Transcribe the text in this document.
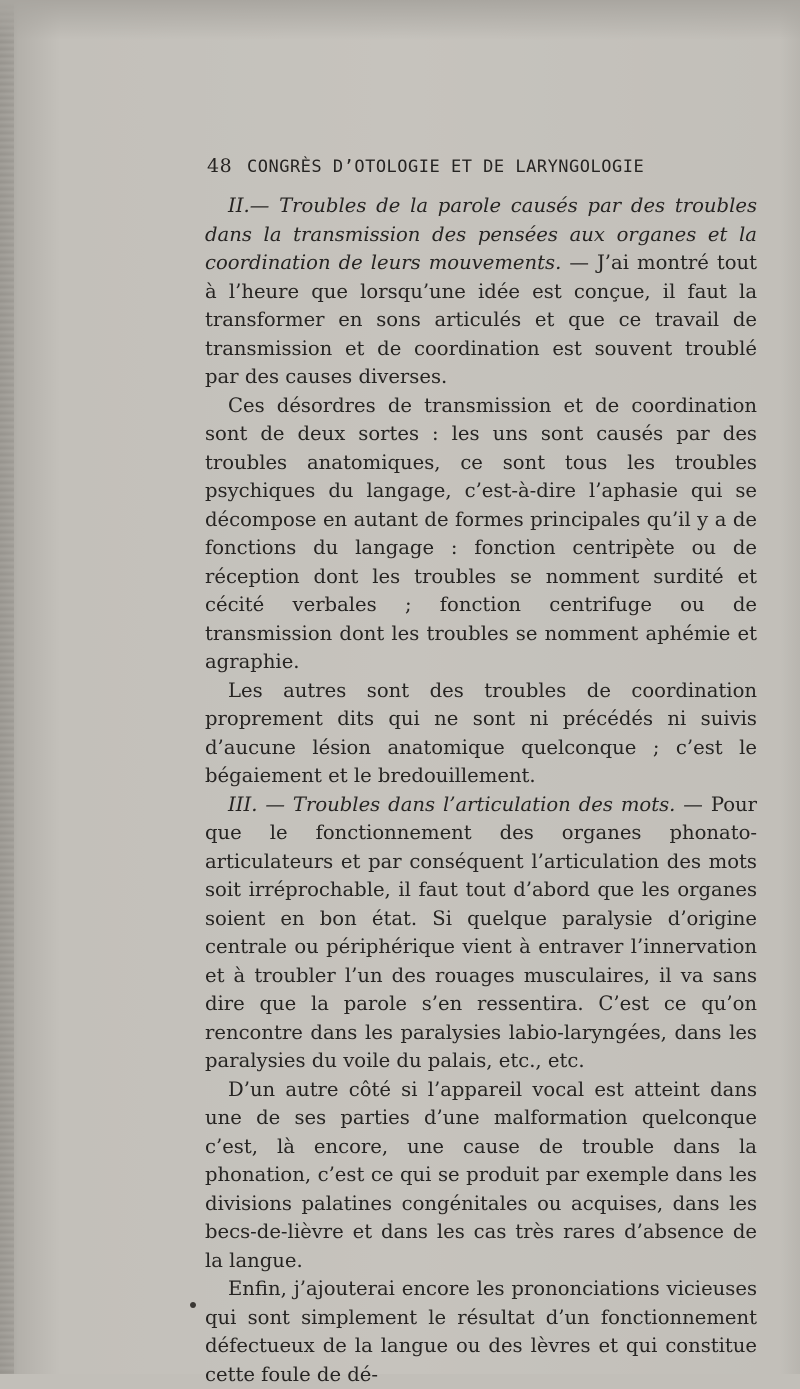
48 CONGRÈS D’OTOLOGIE ET DE LARYNGOLOGIE

II.— Troubles de la parole causés par des troubles dans la transmission des pensées aux organes et la coordination de leurs mouvements. — J’ai montré tout à l’heure que lorsqu’une idée est conçue, il faut la transformer en sons articulés et que ce travail de transmission et de coordination est souvent troublé par des causes diverses.

Ces désordres de transmission et de coordination sont de deux sortes : les uns sont causés par des troubles anatomiques, ce sont tous les troubles psychiques du langage, c’est-à-dire l’aphasie qui se décompose en autant de formes principales qu’il y a de fonctions du langage : fonction centripète ou de réception dont les troubles se nomment surdité et cécité verbales ; fonction centrifuge ou de transmission dont les troubles se nomment aphémie et agraphie.

Les autres sont des troubles de coordination proprement dits qui ne sont ni précédés ni suivis d’aucune lésion anatomique quelconque ; c’est le bégaiement et le bredouillement.

III. — Troubles dans l’articulation des mots. — Pour que le fonctionnement des organes phonato-articulateurs et par conséquent l’articulation des mots soit irréprochable, il faut tout d’abord que les organes soient en bon état. Si quelque paralysie d’origine centrale ou périphérique vient à entraver l’innervation et à troubler l’un des rouages musculaires, il va sans dire que la parole s’en ressentira. C’est ce qu’on rencontre dans les paralysies labio-laryngées, dans les paralysies du voile du palais, etc., etc.

D’un autre côté si l’appareil vocal est atteint dans une de ses parties d’une malformation quelconque c’est, là encore, une cause de trouble dans la phonation, c’est ce qui se produit par exemple dans les divisions palatines congénitales ou acquises, dans les becs-de-lièvre et dans les cas très rares d’absence de la langue.

Enfin, j’ajouterai encore les prononciations vicieuses qui sont simplement le résultat d’un fonctionnement défectueux de la langue ou des lèvres et qui constitue cette foule de dé-
